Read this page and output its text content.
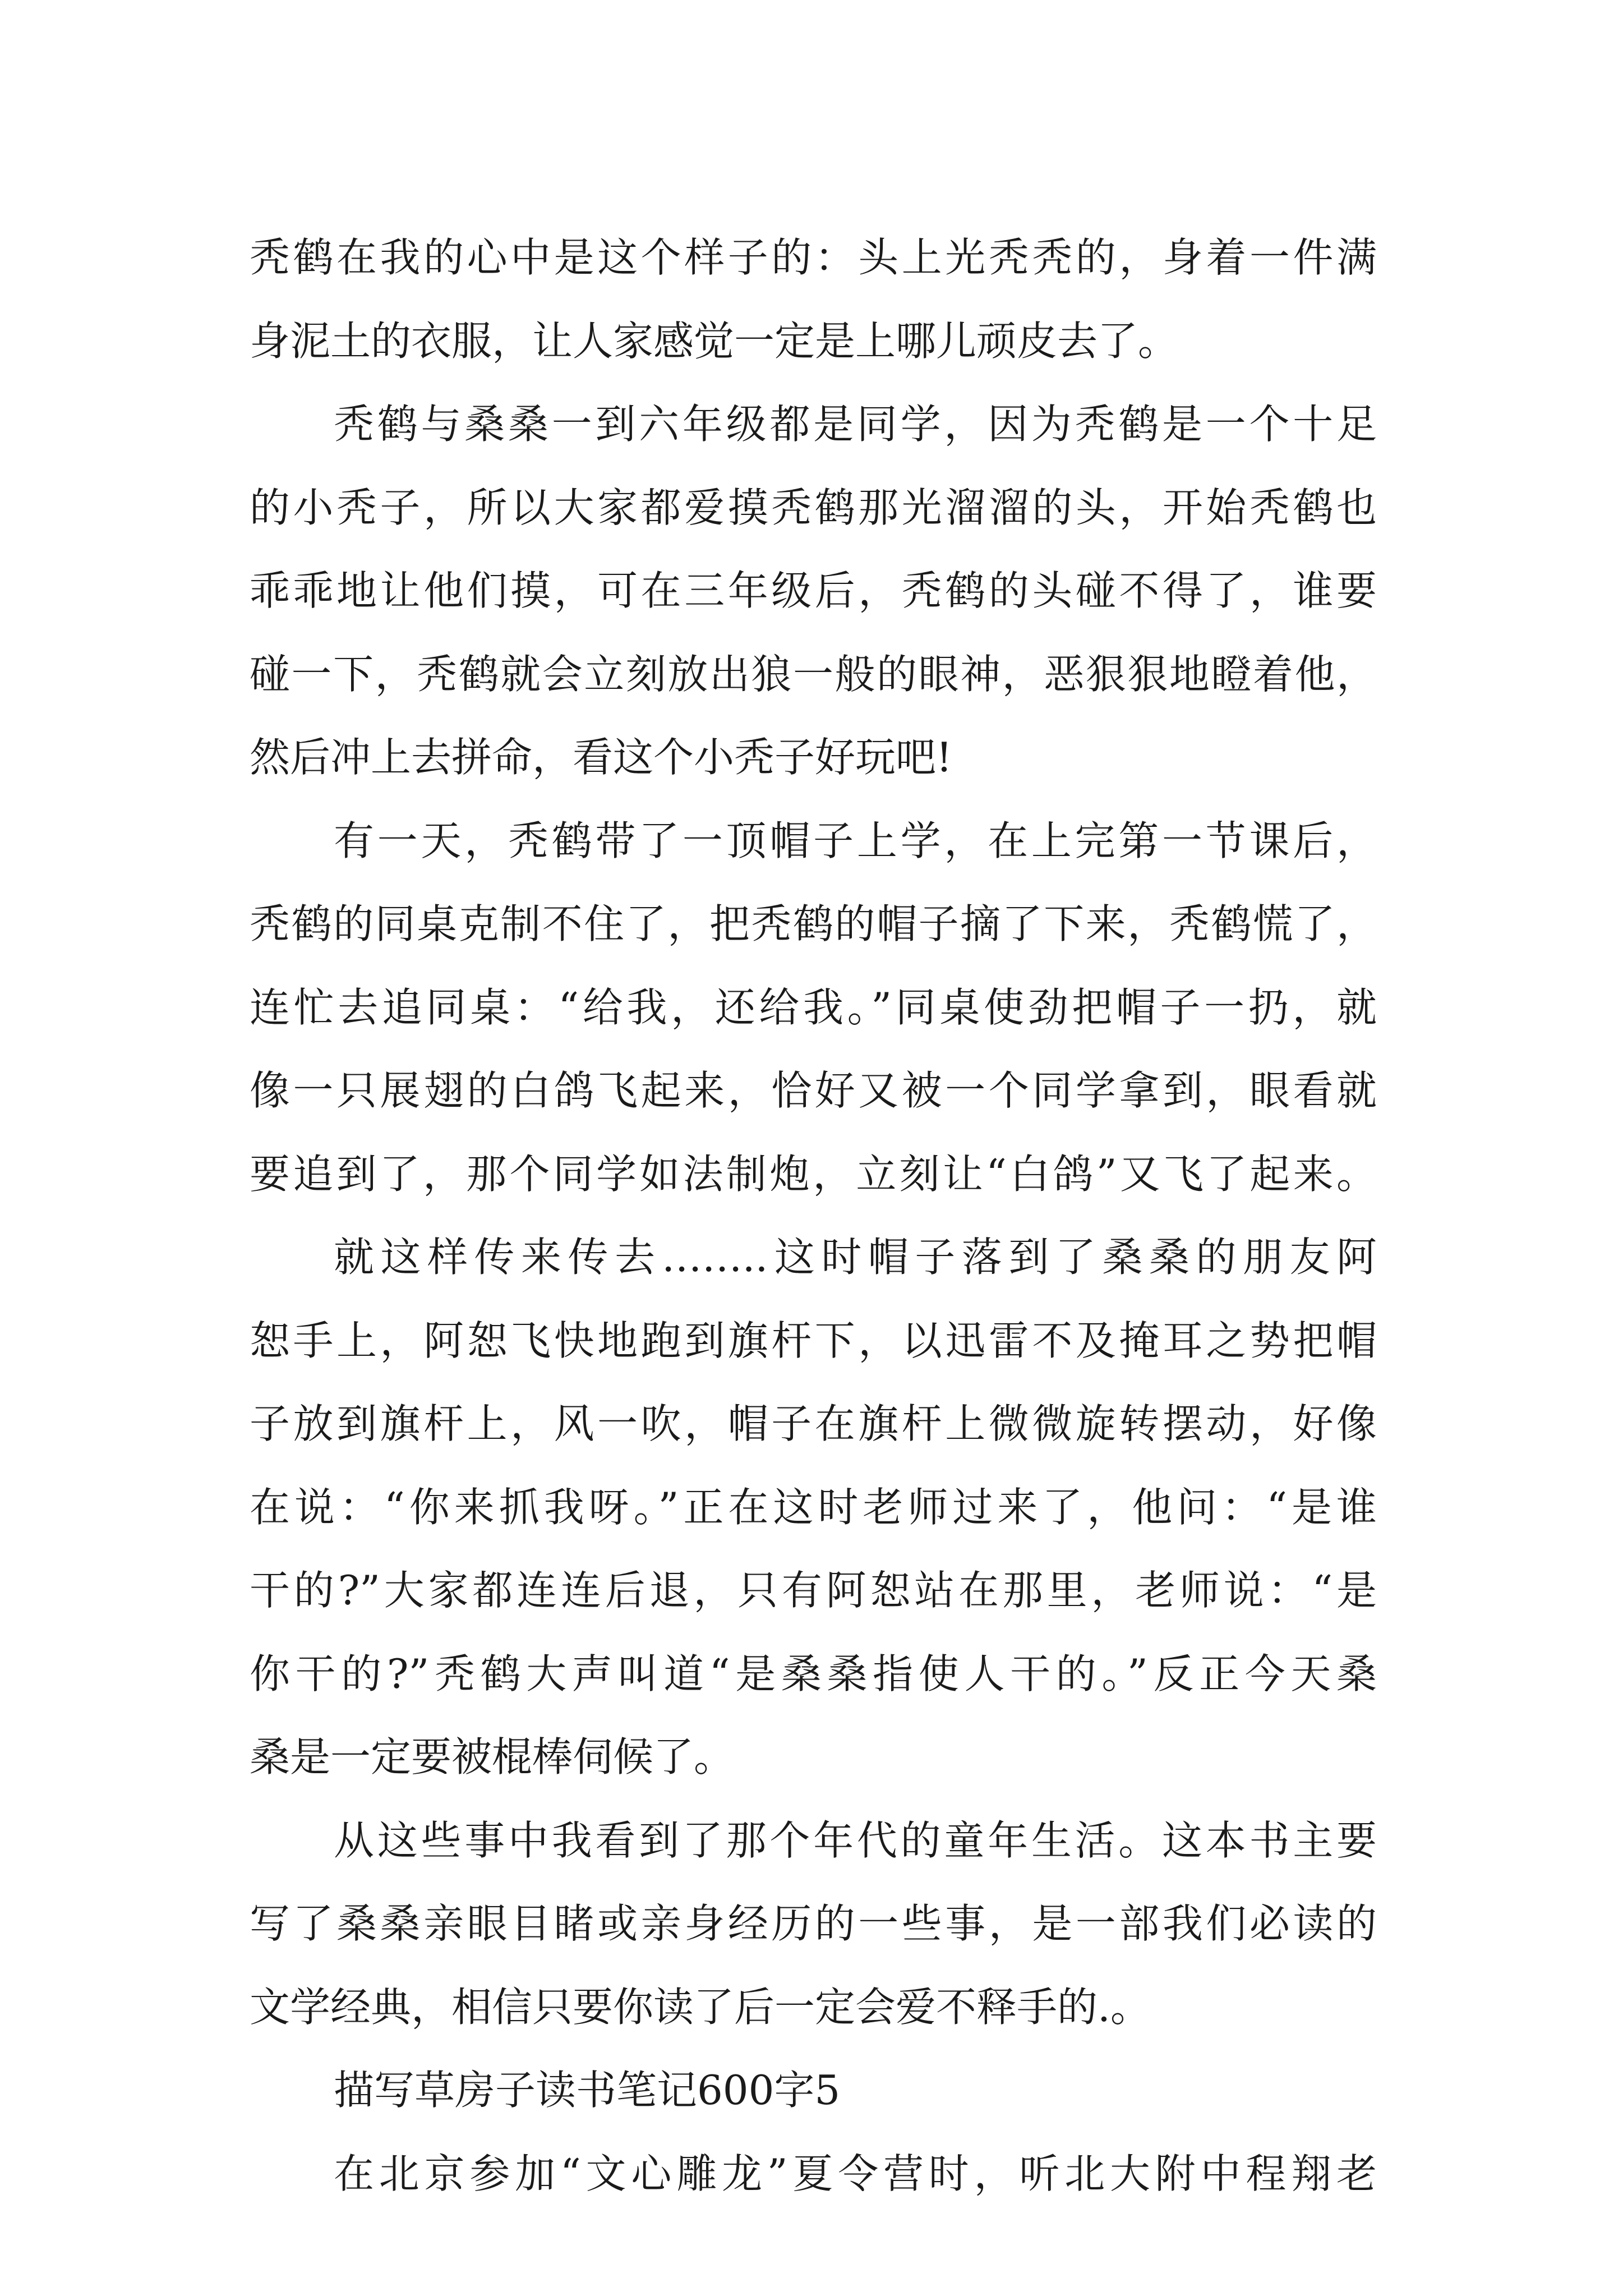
秃鹤在我的心中是这个样子的：头上光秃秃的，身着一件满
身泥土的衣服，让人家感觉一定是上哪儿顽皮去了。
秃鹤与桑桑一到六年级都是同学，因为秃鹤是一个十足
的小秃子，所以大家都爱摸秃鹤那光溜溜的头，开始秃鹤也
乖乖地让他们摸，可在三年级后，秃鹤的头碰不得了，谁要
碰一下，秃鹤就会立刻放出狼一般的眼神，恶狠狠地瞪着他，
然后冲上去拼命，看这个小秃子好玩吧!
有一天，秃鹤带了一顶帽子上学，在上完第一节课后，
秃鹤的同桌克制不住了，把秃鹤的帽子摘了下来，秃鹤慌了，
连忙去追同桌：“给我，还给我。”同桌使劲把帽子一扔，就
像一只展翅的白鸽飞起来，恰好又被一个同学拿到，眼看就
要追到了，那个同学如法制炮，立刻让“白鸽”又飞了起来。
就这样传来传去……..这时帽子落到了桑桑的朋友阿
恕手上，阿恕飞快地跑到旗杆下，以迅雷不及掩耳之势把帽
子放到旗杆上，风一吹，帽子在旗杆上微微旋转摆动，好像
在说：“你来抓我呀。”正在这时老师过来了，他问：“是谁
干的?”大家都连连后退，只有阿恕站在那里，老师说：“是
你干的?”秃鹤大声叫道“是桑桑指使人干的。”反正今天桑
桑是一定要被棍棒伺候了。
从这些事中我看到了那个年代的童年生活。这本书主要
写了桑桑亲眼目睹或亲身经历的一些事，是一部我们必读的
文学经典，相信只要你读了后一定会爱不释手的.。
描写草房子读书笔记600字5
在北京参加“文心雕龙”夏令营时，听北大附中程翔老
